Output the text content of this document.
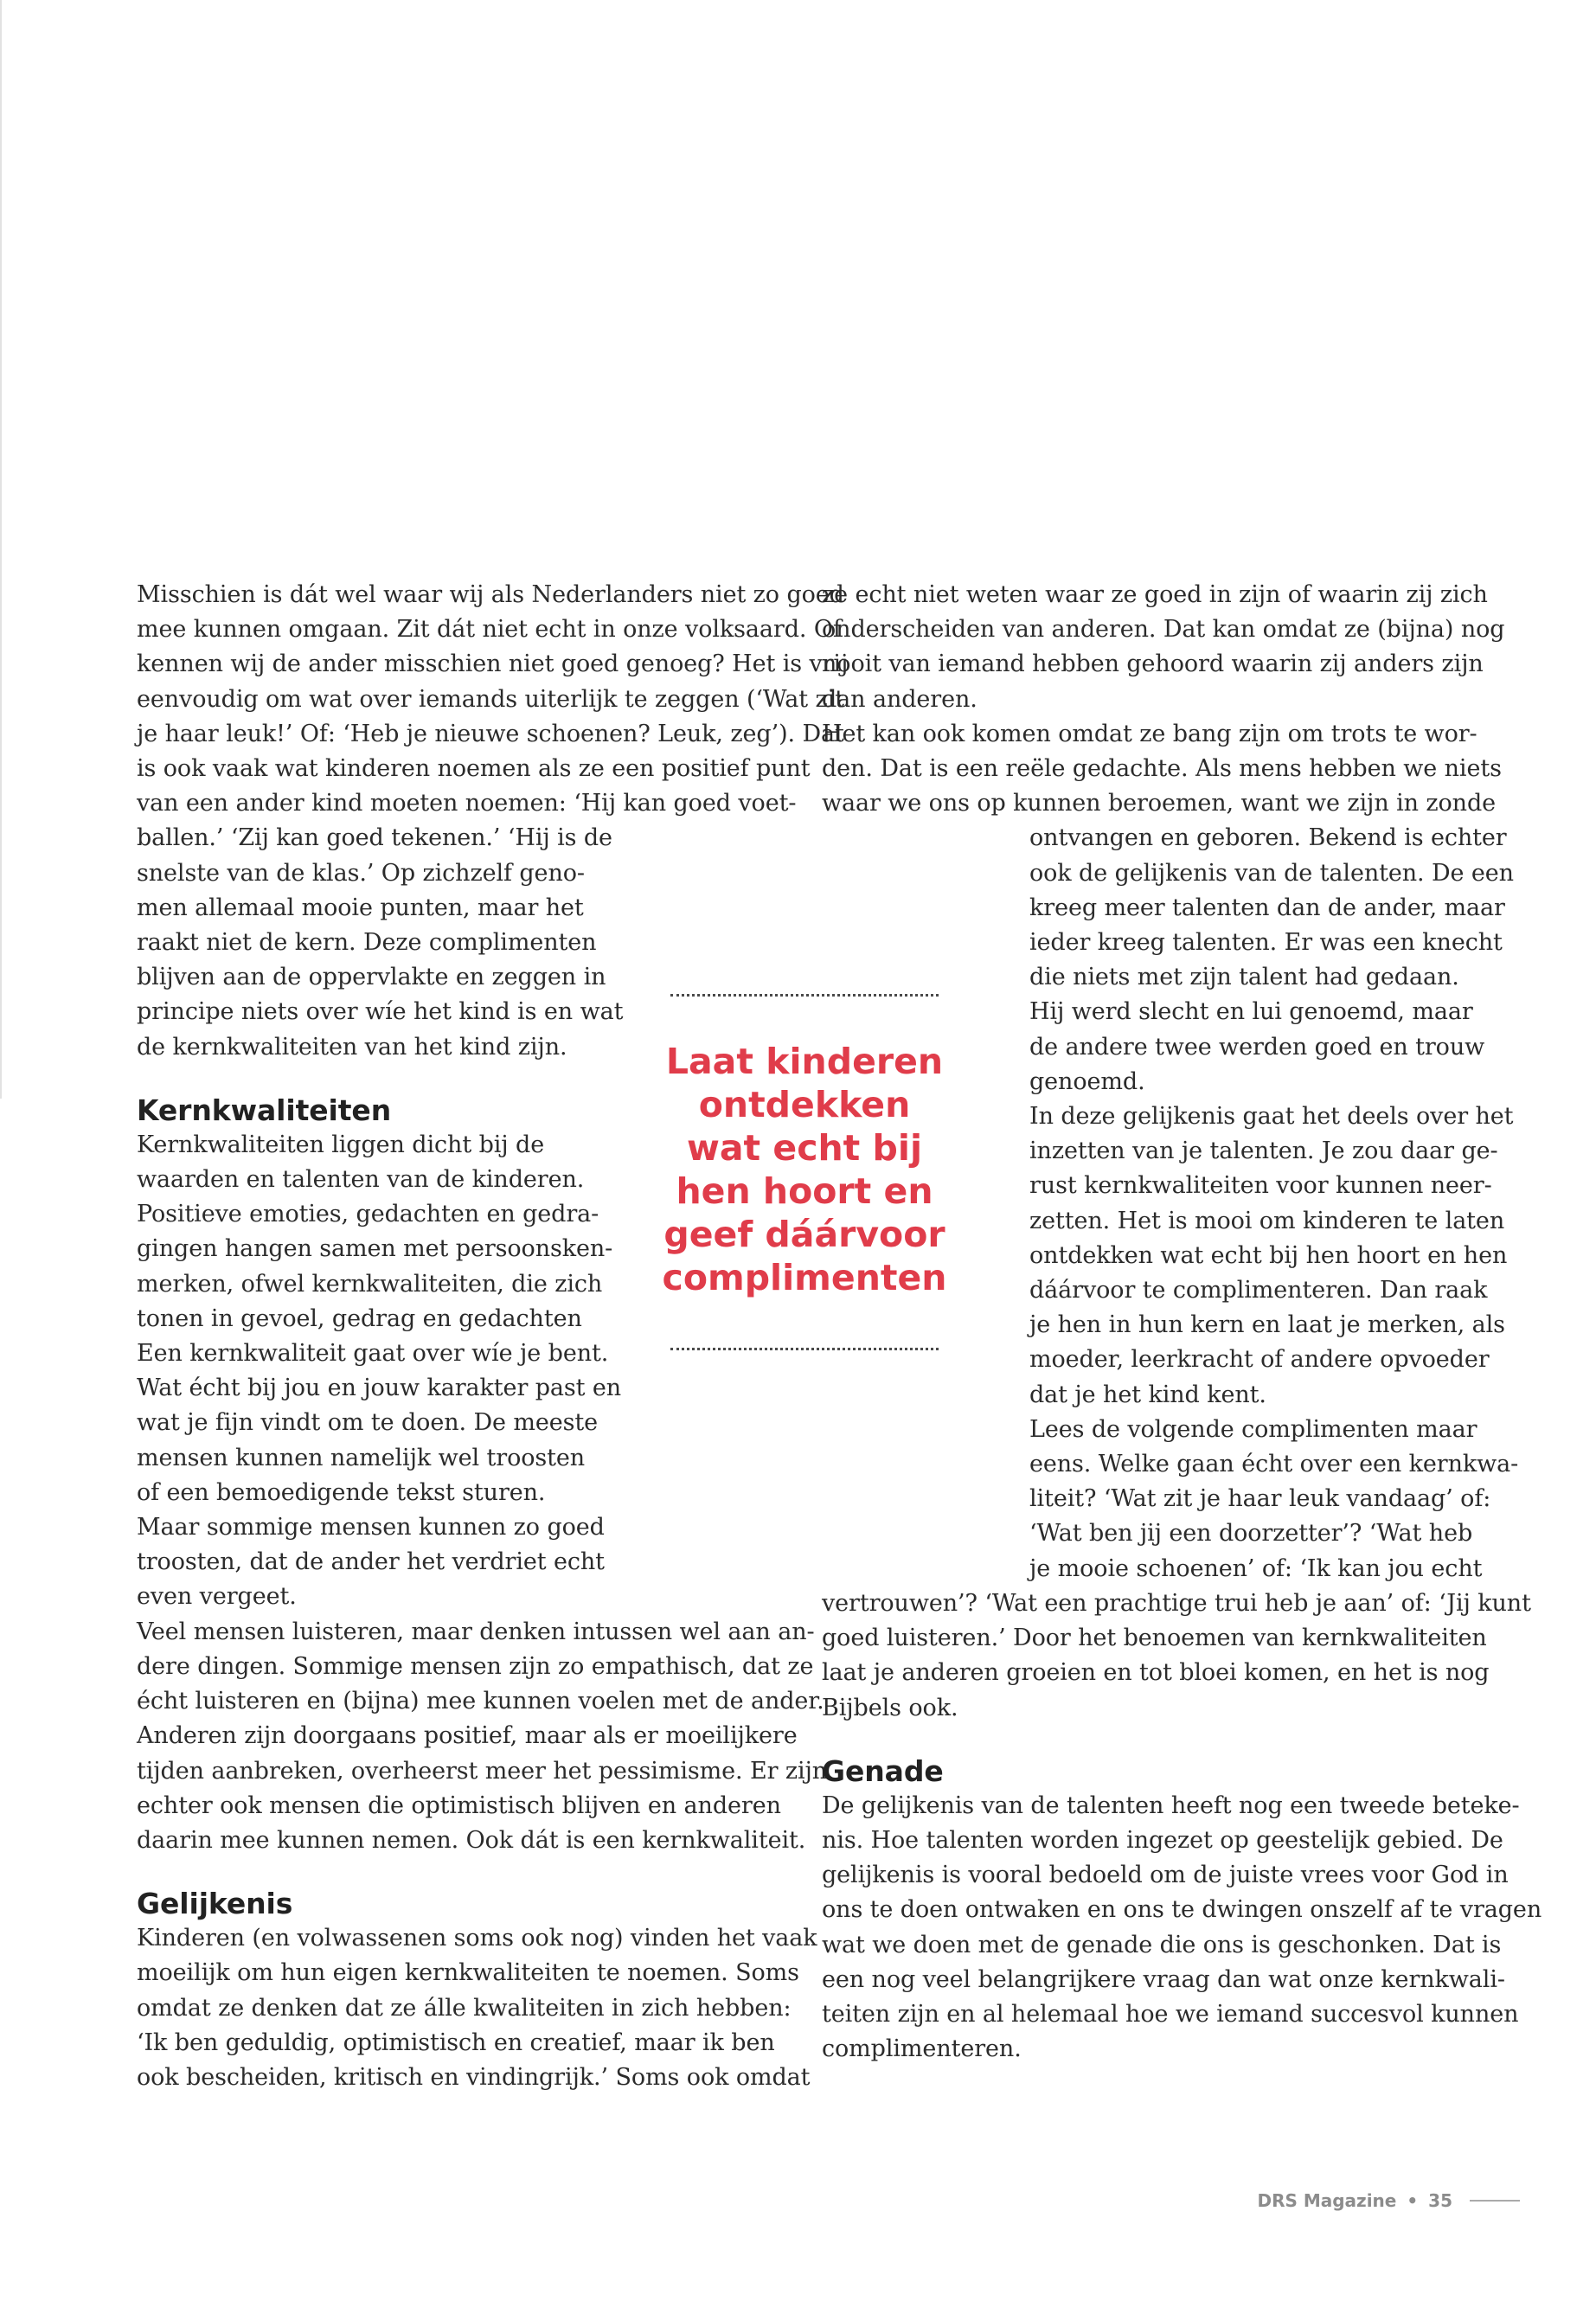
Misschien is dát wel waar wij als Nederlanders niet zo goed
mee kunnen omgaan. Zit dát niet echt in onze volksaard. Of
kennen wij de ander misschien niet goed genoeg? Het is vrij
eenvoudig om wat over iemands uiterlijk te zeggen (‘Wat zit
je haar leuk!’ Of: ‘Heb je nieuwe schoenen? Leuk, zeg’). Dat
is ook vaak wat kinderen noemen als ze een positief punt
van een ander kind moeten noemen: ‘Hij kan goed voet-
ballen.’ ‘Zij kan goed tekenen.’ ‘Hij is de
snelste van de klas.’ Op zichzelf geno-
men allemaal mooie punten, maar het
raakt niet de kern. Deze complimenten
blijven aan de oppervlakte en zeggen in
principe niets over wíe het kind is en wat
de kernkwaliteiten van het kind zijn.
Kernkwaliteiten
Kernkwaliteiten liggen dicht bij de
waarden en talenten van de kinderen.
Positieve emoties, gedachten en gedra-
gingen hangen samen met persoonsken-
merken, ofwel kernkwaliteiten, die zich
tonen in gevoel, gedrag en gedachten
Een kernkwaliteit gaat over wíe je bent.
Wat écht bij jou en jouw karakter past en
wat je fijn vindt om te doen. De meeste
mensen kunnen namelijk wel troosten
of een bemoedigende tekst sturen.
Maar sommige mensen kunnen zo goed
troosten, dat de ander het verdriet echt
even vergeet.
Veel mensen luisteren, maar denken intussen wel aan an-
dere dingen. Sommige mensen zijn zo empathisch, dat ze
écht luisteren en (bijna) mee kunnen voelen met de ander.
Anderen zijn doorgaans positief, maar als er moeilijkere
tijden aanbreken, overheerst meer het pessimisme. Er zijn
echter ook mensen die optimistisch blijven en anderen
daarin mee kunnen nemen. Ook dát is een kernkwaliteit.
Gelijkenis
Kinderen (en volwassenen soms ook nog) vinden het vaak
moeilijk om hun eigen kernkwaliteiten te noemen. Soms
omdat ze denken dat ze álle kwaliteiten in zich hebben:
‘Ik ben geduldig, optimistisch en creatief, maar ik ben
ook bescheiden, kritisch en vindingrijk.’ Soms ook omdat
ze echt niet weten waar ze goed in zijn of waarin zij zich
onderscheiden van anderen. Dat kan omdat ze (bijna) nog
nooit van iemand hebben gehoord waarin zij anders zijn
dan anderen.
Het kan ook komen omdat ze bang zijn om trots te wor-
den. Dat is een reële gedachte. Als mens hebben we niets
waar we ons op kunnen beroemen, want we zijn in zonde
ontvangen en geboren. Bekend is echter
ook de gelijkenis van de talenten. De een
kreeg meer talenten dan de ander, maar
ieder kreeg talenten. Er was een knecht
die niets met zijn talent had gedaan.
Hij werd slecht en lui genoemd, maar
de andere twee werden goed en trouw
genoemd.
In deze gelijkenis gaat het deels over het
inzetten van je talenten. Je zou daar ge-
rust kernkwaliteiten voor kunnen neer-
zetten. Het is mooi om kinderen te laten
ontdekken wat echt bij hen hoort en hen
dáárvoor te complimenteren. Dan raak
je hen in hun kern en laat je merken, als
moeder, leerkracht of andere opvoeder
dat je het kind kent.
Lees de volgende complimenten maar
eens. Welke gaan écht over een kernkwa-
liteit? ‘Wat zit je haar leuk vandaag’ of:
‘Wat ben jij een doorzetter’? ‘Wat heb
je mooie schoenen’ of: ‘Ik kan jou echt
vertrouwen’? ‘Wat een prachtige trui heb je aan’ of: ‘Jij kunt
goed luisteren.’ Door het benoemen van kernkwaliteiten
laat je anderen groeien en tot bloei komen, en het is nog
Bijbels ook.
Genade
De gelijkenis van de talenten heeft nog een tweede beteke-
nis. Hoe talenten worden ingezet op geestelijk gebied. De
gelijkenis is vooral bedoeld om de juiste vrees voor God in
ons te doen ontwaken en ons te dwingen onszelf af te vragen
wat we doen met de genade die ons is geschonken. Dat is
een nog veel belangrijkere vraag dan wat onze kernkwali-
teiten zijn en al helemaal hoe we iemand succesvol kunnen
complimenteren.
Laat kinderen
ontdekken
wat echt bij
hen hoort en
geef dáárvoor
complimenten
DRS Magazine • 35
